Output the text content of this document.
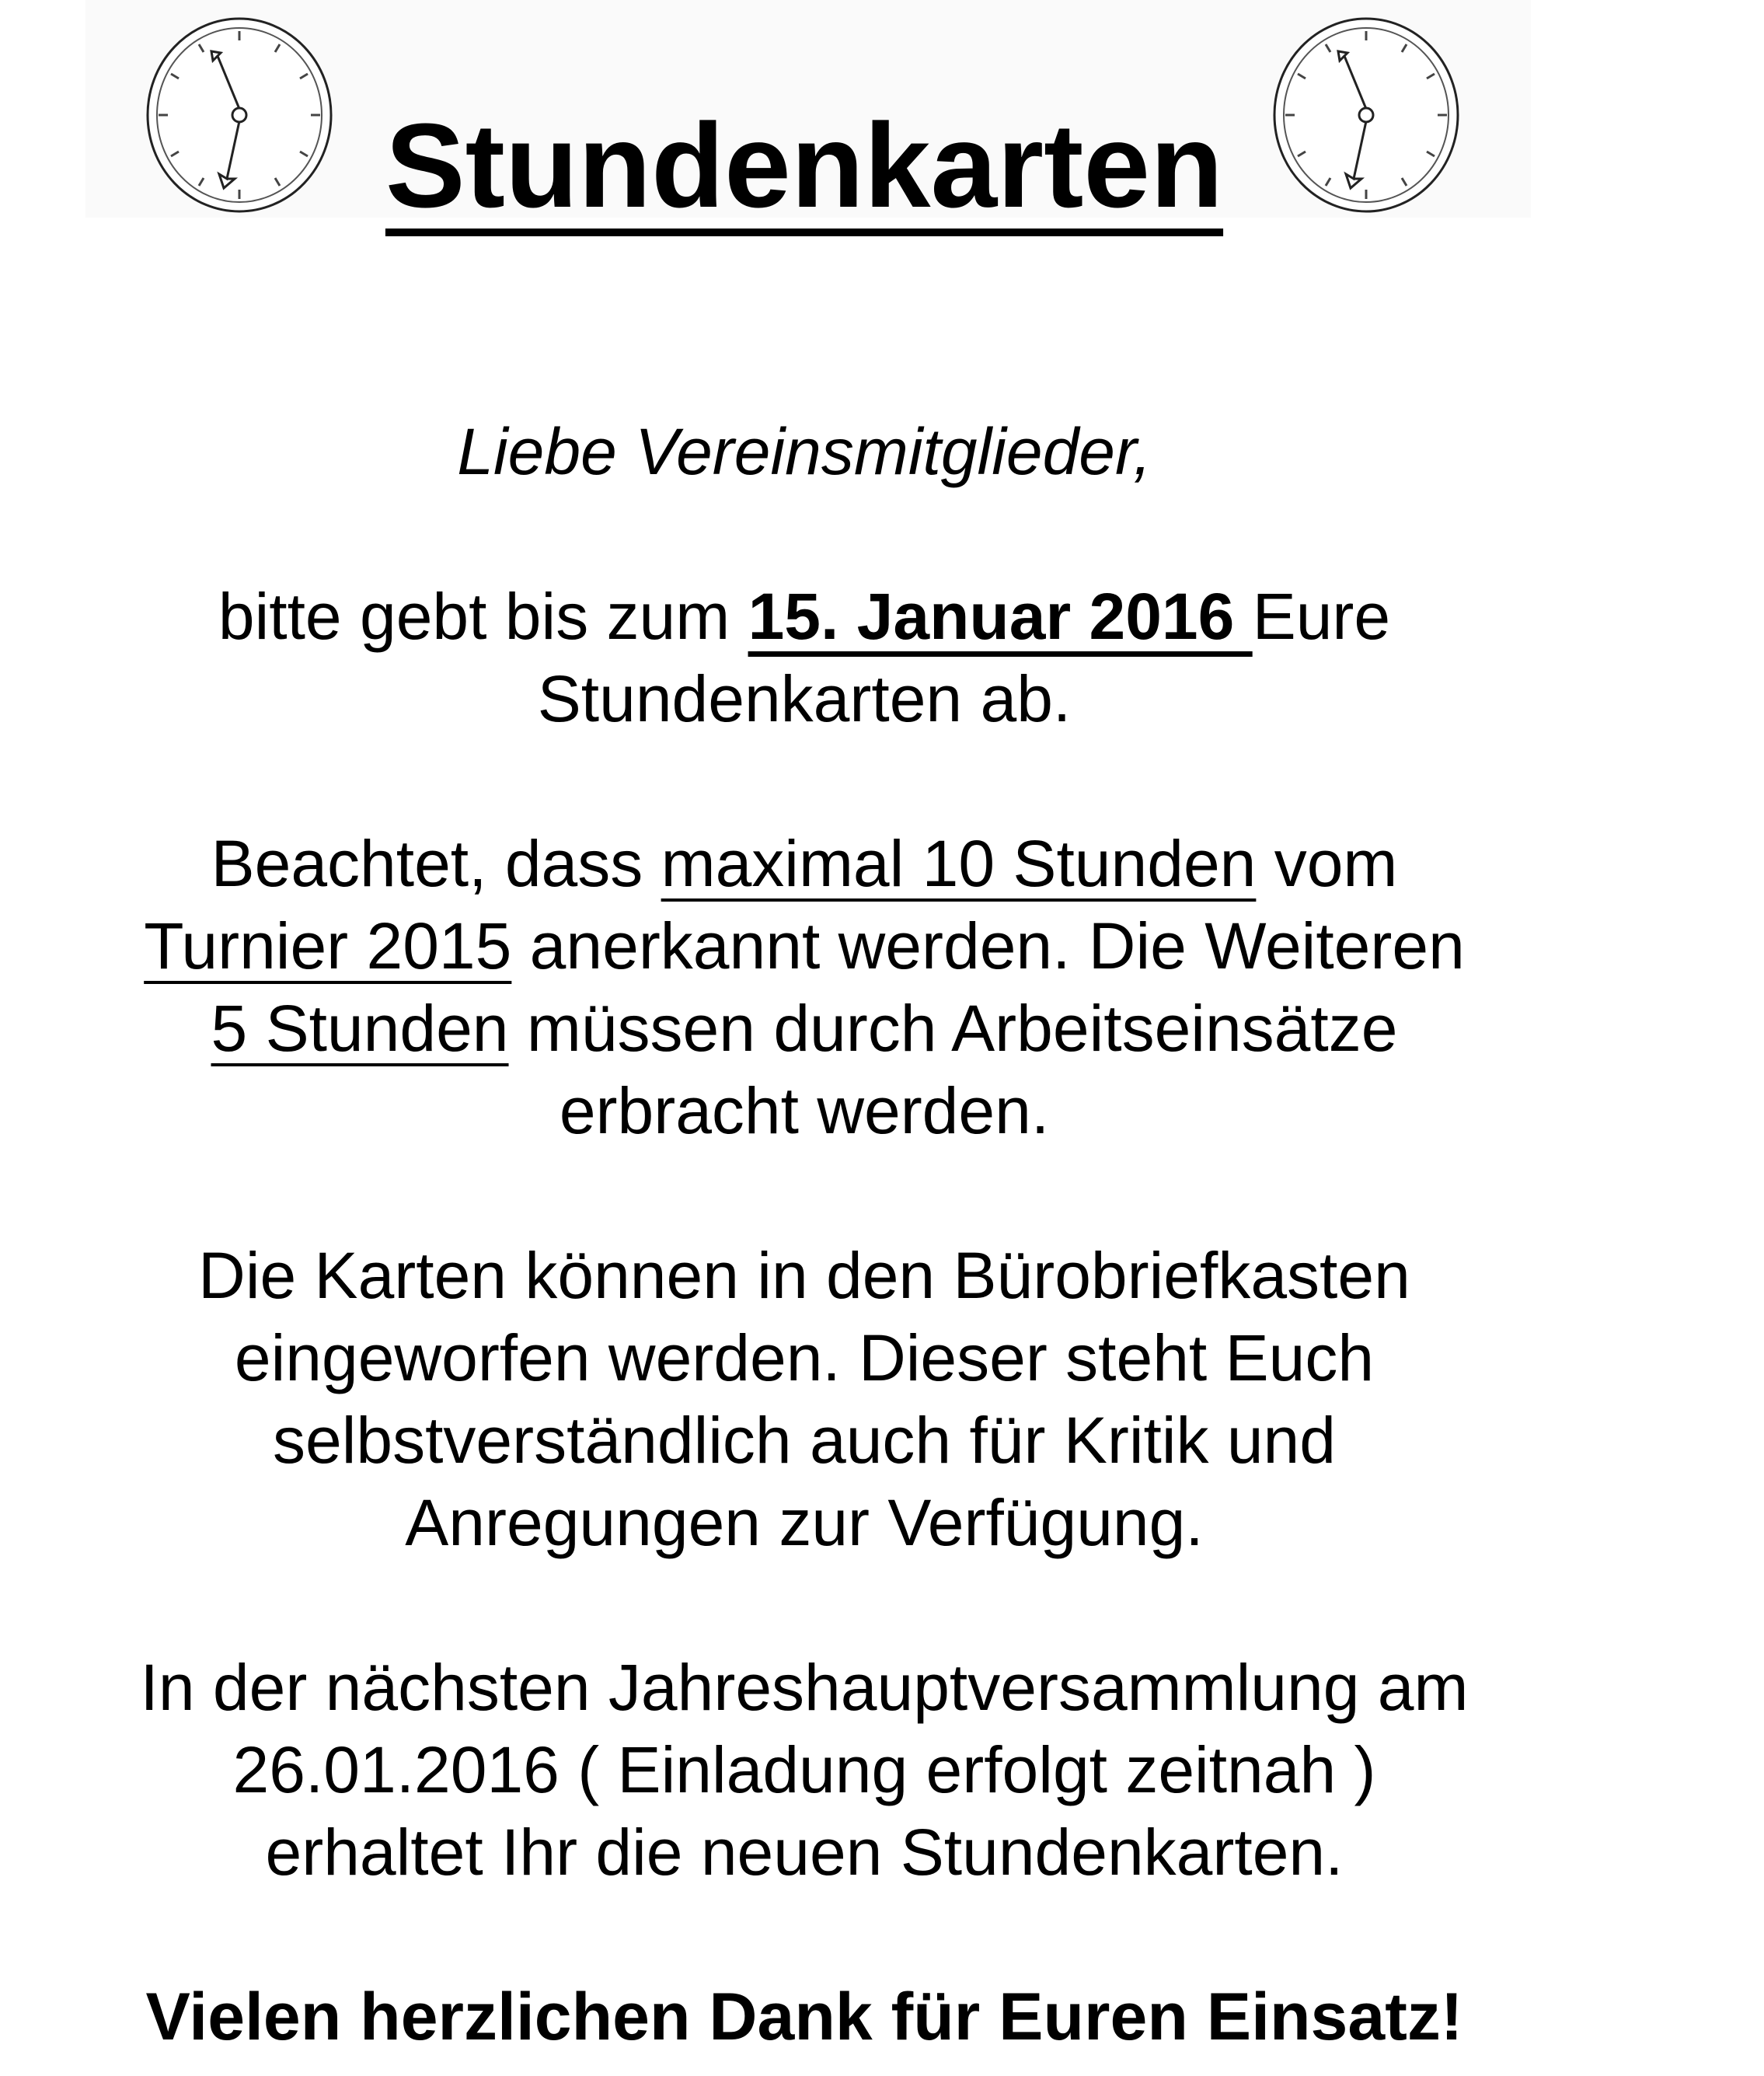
Stundenkarten

Liebe Vereinsmitglieder,

bitte gebt bis zum 15. Januar 2016 Eure

Stundenkarten ab.

Beachtet, dass maximal 10 Stunden vom

Turnier 2015 anerkannt werden. Die Weiteren

5 Stunden müssen durch Arbeitseinsätze

erbracht werden.

Die Karten können in den Bürobriefkasten

eingeworfen werden. Dieser steht Euch

selbstverständlich auch für Kritik und

Anregungen zur Verfügung.

In der nächsten Jahreshauptversammlung am

26.01.2016 ( Einladung erfolgt zeitnah )

erhaltet Ihr die neuen Stundenkarten.

Vielen herzlichen Dank für Euren Einsatz!
